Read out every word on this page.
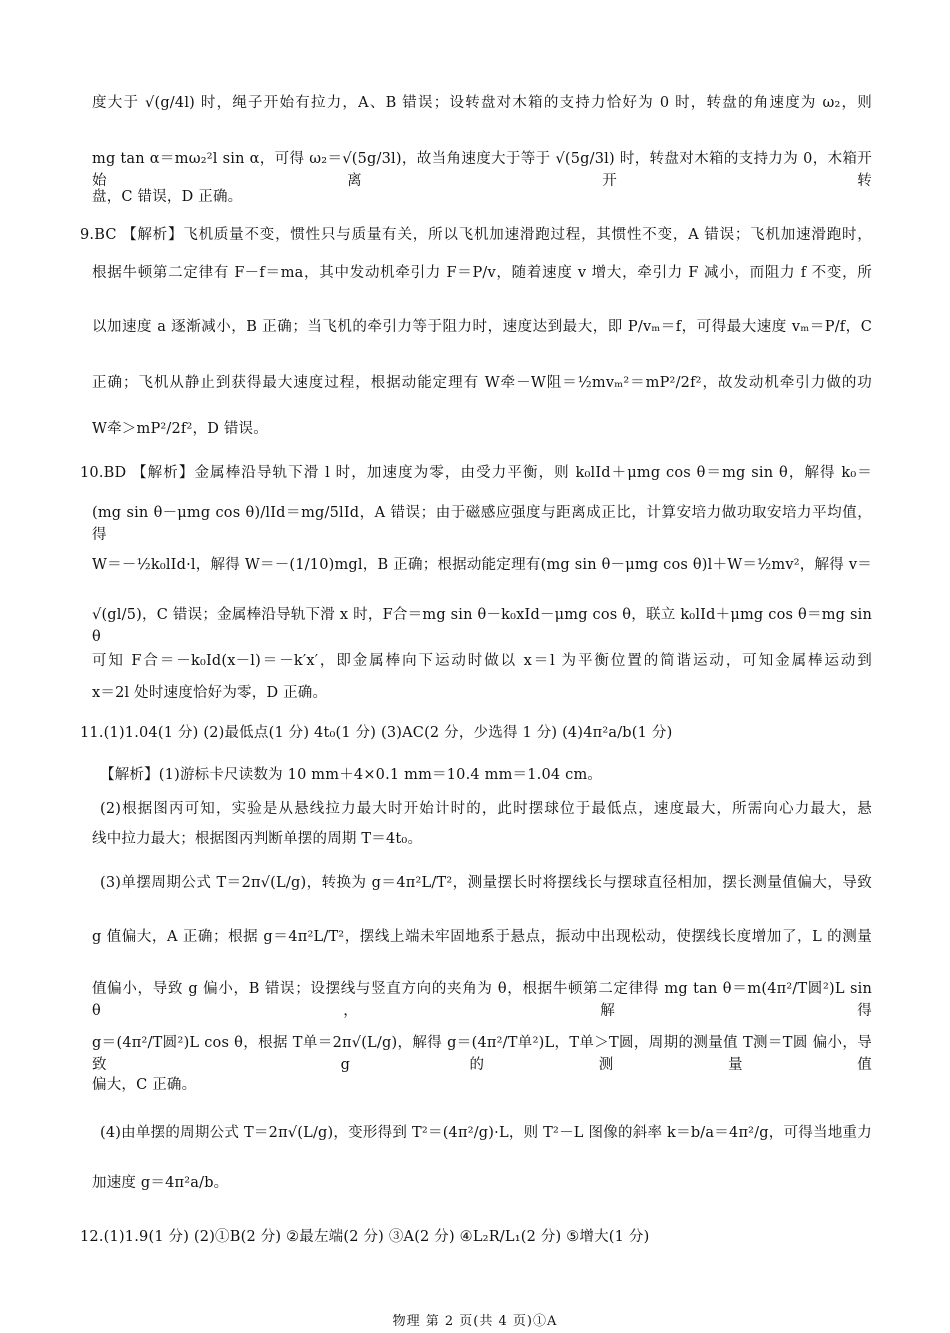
度大于 √(g/4l) 时，绳子开始有拉力，A、B 错误；设转盘对木箱的支持力恰好为 0 时，转盘的角速度为 ω₂，则
mg tan α＝mω₂²l sin α，可得 ω₂＝√(5g/3l)，故当角速度大于等于 √(5g/3l) 时，转盘对木箱的支持力为 0，木箱开始离开转
盘，C 错误，D 正确。
9.BC 【解析】飞机质量不变，惯性只与质量有关，所以飞机加速滑跑过程，其惯性不变，A 错误；飞机加速滑跑时，
根据牛顿第二定律有 F－f＝ma，其中发动机牵引力 F＝P/v，随着速度 v 增大，牵引力 F 减小，而阻力 f 不变，所
以加速度 a 逐渐减小，B 正确；当飞机的牵引力等于阻力时，速度达到最大，即 P/vₘ＝f，可得最大速度 vₘ＝P/f，C
正确；飞机从静止到获得最大速度过程，根据动能定理有 W牵－W阻＝½mvₘ²＝mP²/2f²，故发动机牵引力做的功
W牵＞mP²/2f²，D 错误。
10.BD 【解析】金属棒沿导轨下滑 l 时，加速度为零，由受力平衡，则 k₀lId＋μmg cos θ＝mg sin θ，解得 k₀＝
(mg sin θ－μmg cos θ)/lId＝mg/5lId，A 错误；由于磁感应强度与距离成正比，计算安培力做功取安培力平均值，得
W＝－½k₀lId·l，解得 W＝－(1/10)mgl，B 正确；根据动能定理有(mg sin θ－μmg cos θ)l＋W＝½mv²，解得 v＝
√(gl/5)，C 错误；金属棒沿导轨下滑 x 时，F合＝mg sin θ－k₀xId－μmg cos θ，联立 k₀lId＋μmg cos θ＝mg sin θ
可知 F合＝－k₀Id(x－l)＝－k′x′，即金属棒向下运动时做以 x＝l 为平衡位置的简谐运动，可知金属棒运动到
x＝2l 处时速度恰好为零，D 正确。
11.(1)1.04(1 分) (2)最低点(1 分) 4t₀(1 分) (3)AC(2 分，少选得 1 分) (4)4π²a/b(1 分)
【解析】(1)游标卡尺读数为 10 mm＋4×0.1 mm＝10.4 mm＝1.04 cm。
(2)根据图丙可知，实验是从悬线拉力最大时开始计时的，此时摆球位于最低点，速度最大，所需向心力最大，悬
线中拉力最大；根据图丙判断单摆的周期 T＝4t₀。
(3)单摆周期公式 T＝2π√(L/g)，转换为 g＝4π²L/T²，测量摆长时将摆线长与摆球直径相加，摆长测量值偏大，导致
g 值偏大，A 正确；根据 g＝4π²L/T²，摆线上端未牢固地系于悬点，振动中出现松动，使摆线长度增加了，L 的测量
值偏小，导致 g 偏小，B 错误；设摆线与竖直方向的夹角为 θ，根据牛顿第二定律得 mg tan θ＝m(4π²/T圆²)L sin θ，解得
g＝(4π²/T圆²)L cos θ，根据 T单＝2π√(L/g)，解得 g＝(4π²/T单²)L，T单＞T圆，周期的测量值 T测＝T圆 偏小，导致 g 的测量值
偏大，C 正确。
(4)由单摆的周期公式 T＝2π√(L/g)，变形得到 T²＝(4π²/g)·L，则 T²－L 图像的斜率 k＝b/a＝4π²/g，可得当地重力
加速度 g＝4π²a/b。
12.(1)1.9(1 分) (2)①B(2 分) ②最左端(2 分) ③A(2 分) ④L₂R/L₁(2 分) ⑤增大(1 分)
物理 第 2 页(共 4 页)①A
